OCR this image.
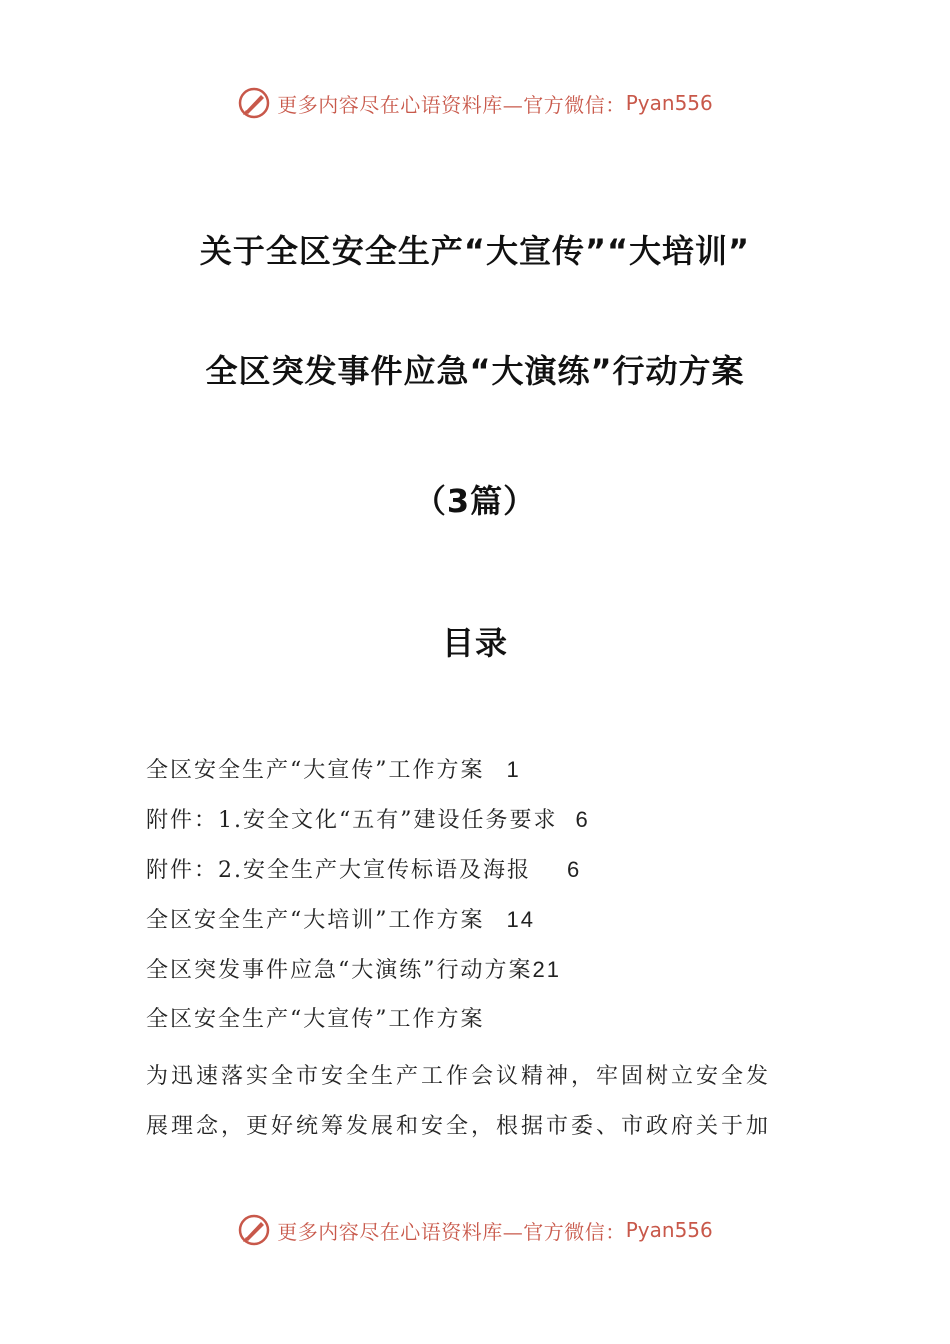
更多内容尽在心语资料库—官方微信： Pyan556
关于全区安全生产“大宣传”“大培训”
全区突发事件应急“大演练”行动方案
（3篇）
目录
全区安全生产“大宣传”工作方案 1
附件：1.安全文化“五有”建设任务要求 6
附件：2.安全生产大宣传标语及海报 6
全区安全生产“大培训”工作方案 14
全区突发事件应急“大演练”行动方案21
全区安全生产“大宣传”工作方案
为迅速落实全市安全生产工作会议精神，牢固树立安全发
展理念，更好统筹发展和安全，根据市委、市政府关于加
更多内容尽在心语资料库—官方微信： Pyan556
